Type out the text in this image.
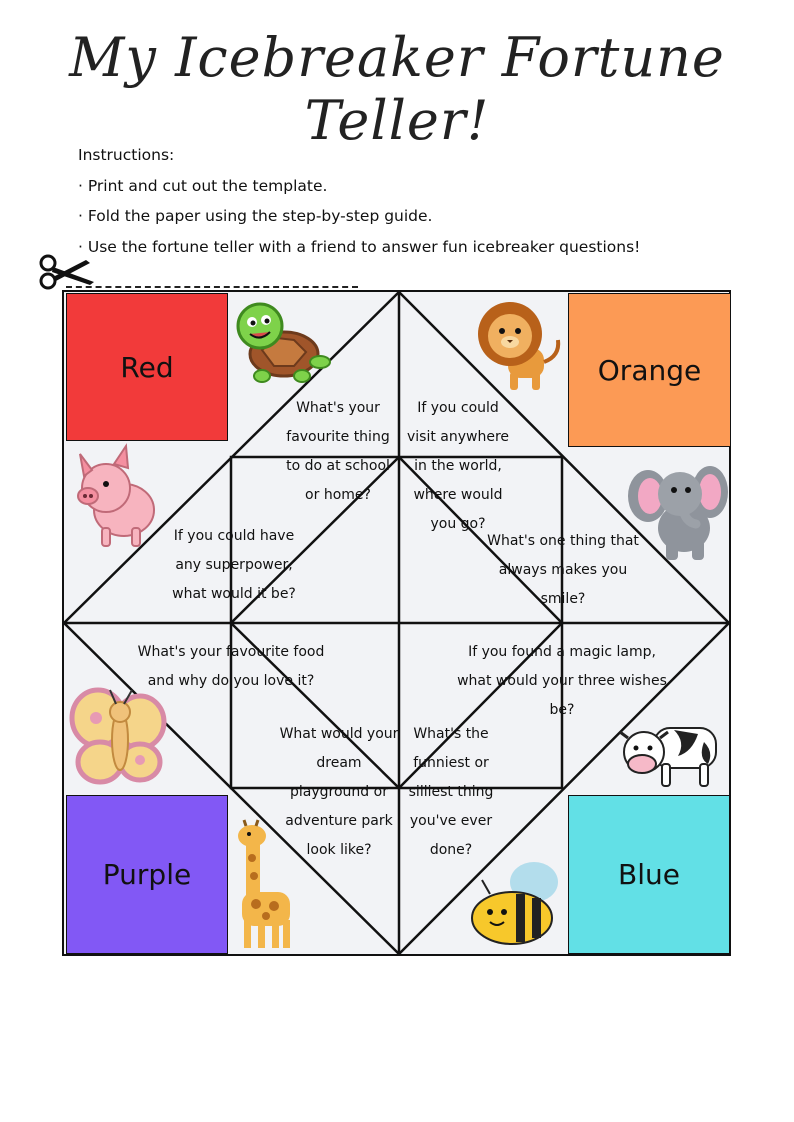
My Icebreaker Fortune Teller!
Instructions:
· Print and cut out the template.
· Fold the paper using the step-by-step guide.
· Use the fortune teller with a friend to answer fun icebreaker questions!
Red	Orange
Purple	Blue
What's your favourite thing to do at school or home?
If you could visit anywhere in the world, where would you go?
If you could have any superpower, what would it be?
What's one thing that always makes you smile?
What's your favourite food and why do you love it?
If you found a magic lamp, what would your three wishes be?
What would your dream playground or adventure park look like?
What's the funniest or silliest thing you've ever done?
